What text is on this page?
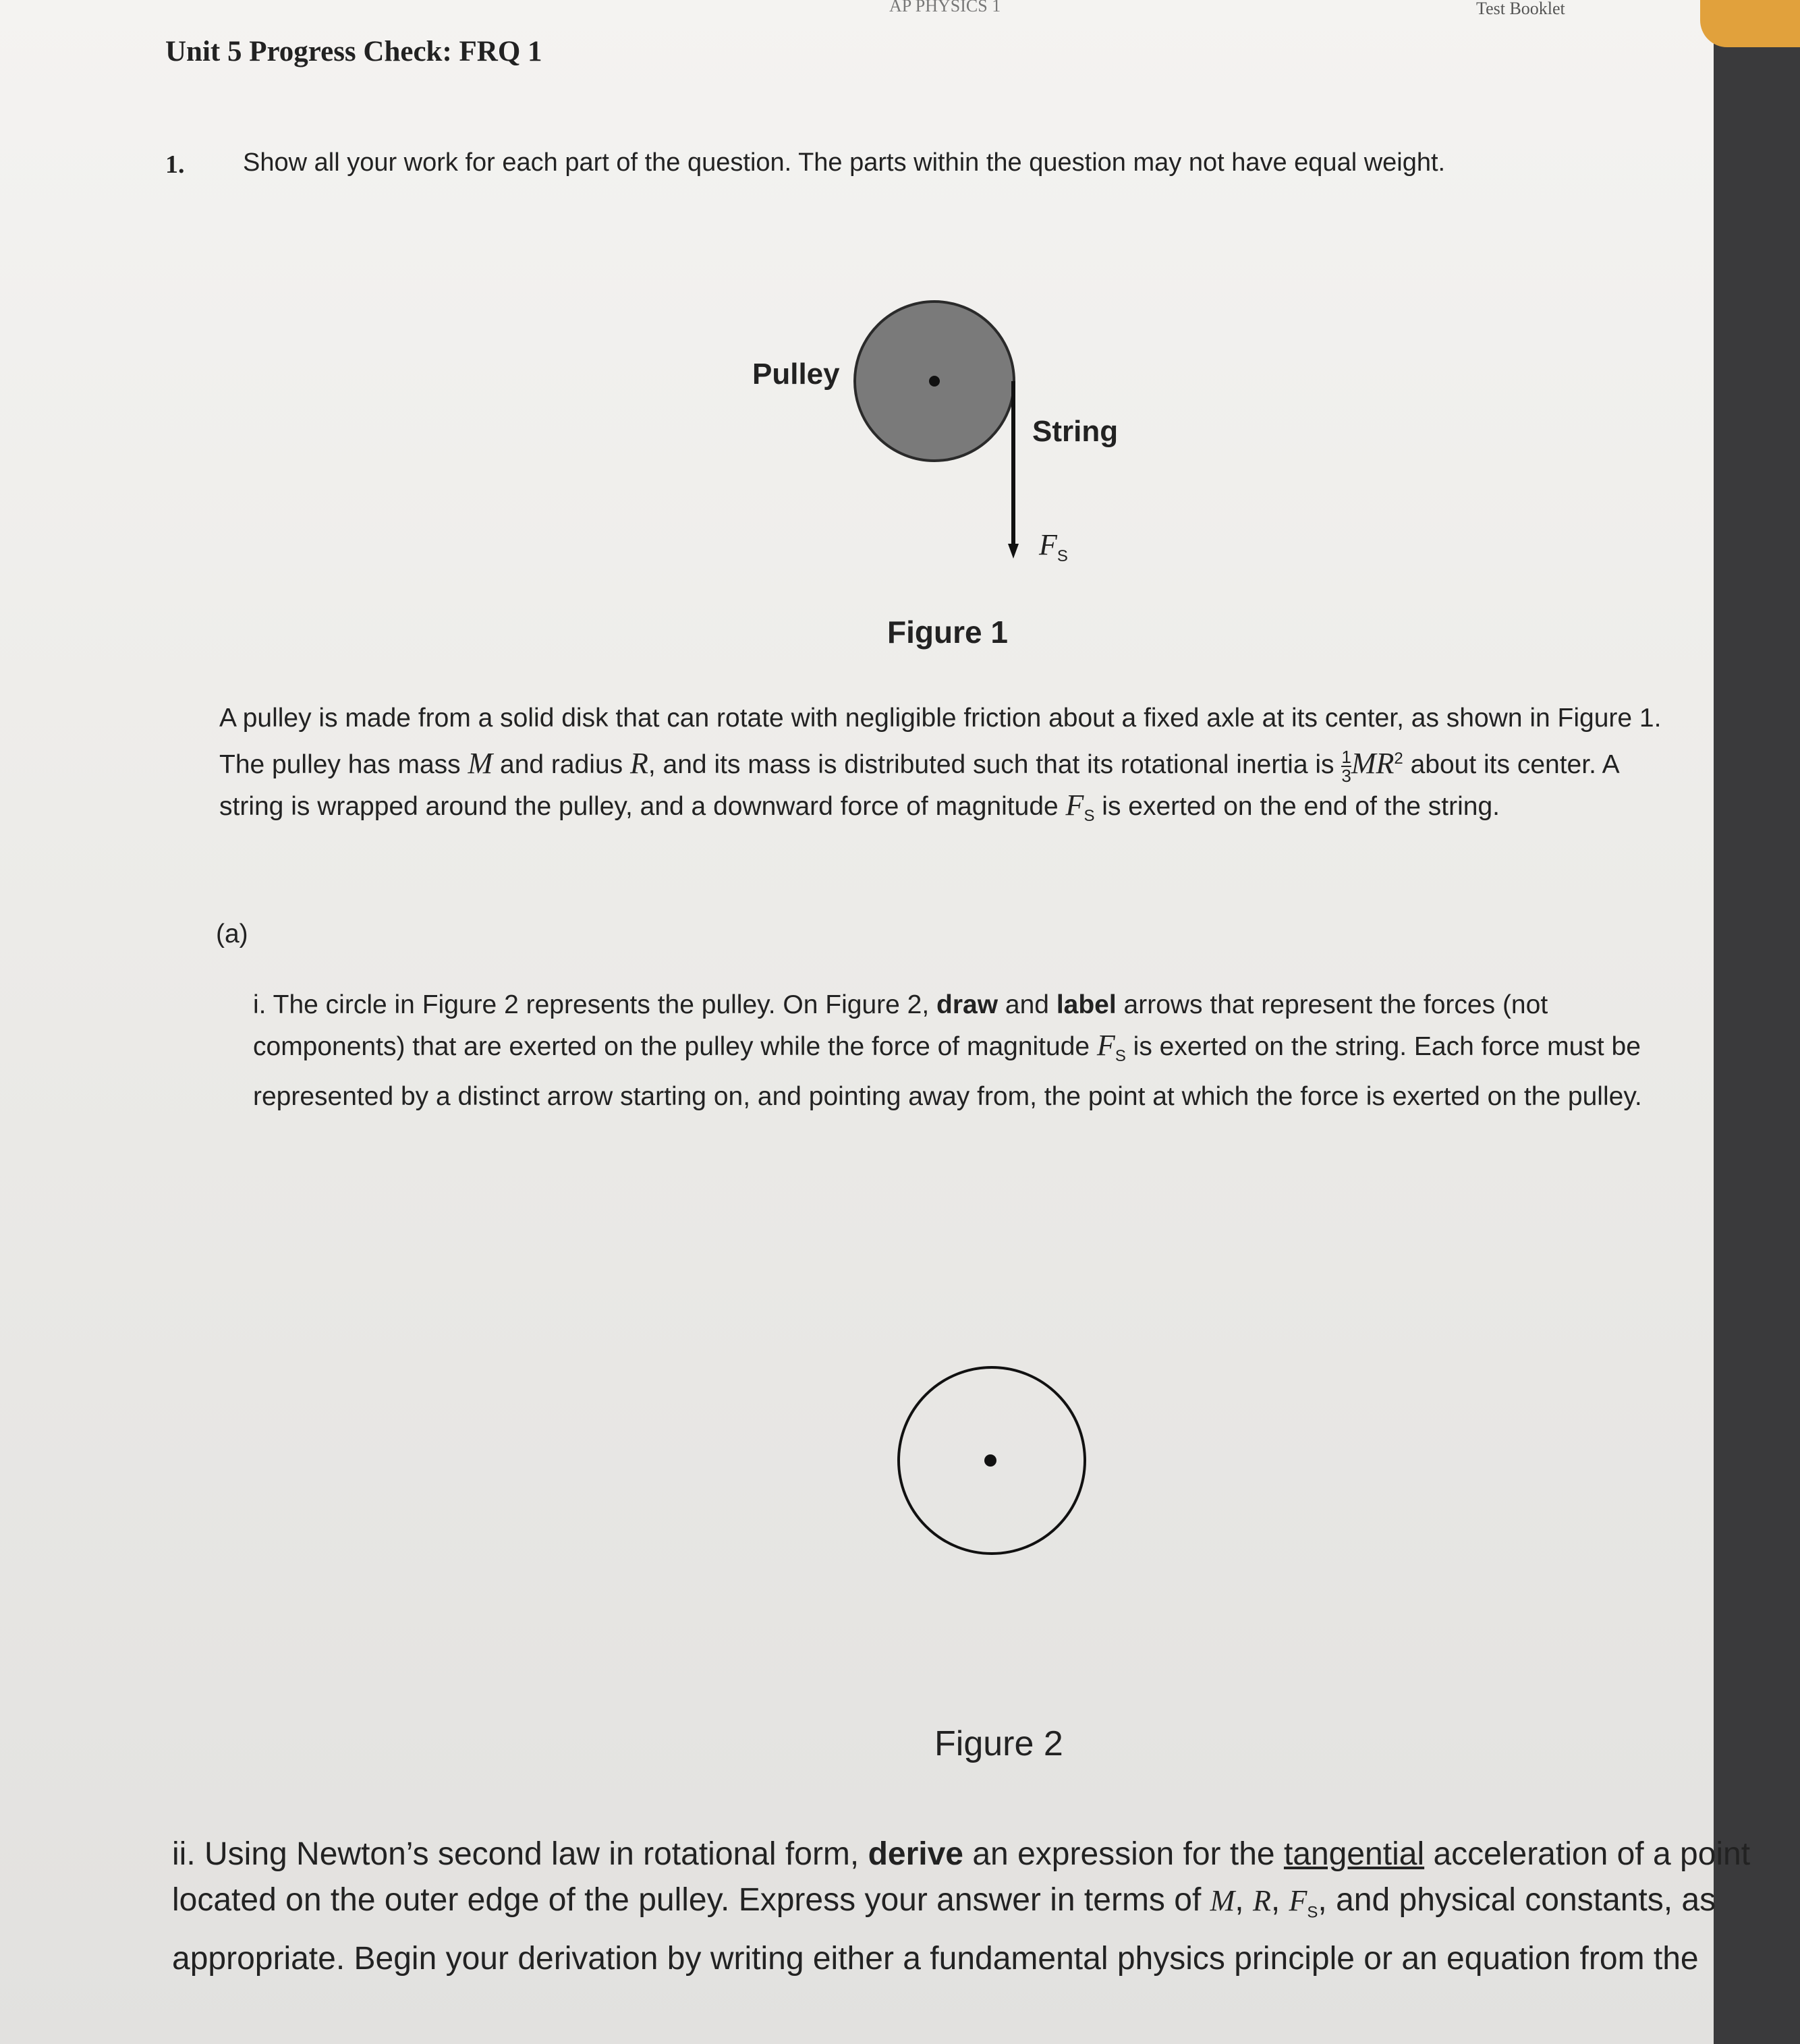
AP PHYSICS 1	Test Booklet
Unit 5 Progress Check: FRQ 1
1. Show all your work for each part of the question. The parts within the question may not have equal weight.
Pulley
String
$F_S$
Figure 1
A pulley is made from a solid disk that can rotate with negligible friction about a fixed axle at its center, as shown in Figure 1. The pulley has mass M and radius R, and its mass is distributed such that its rotational inertia is $\frac{1}{3} MR^2$ about its center. A string is wrapped around the pulley, and a downward force of magnitude $F_S$ is exerted on the end of the string.
(a)
i. The circle in Figure 2 represents the pulley. On Figure 2, draw and label arrows that represent the forces (not components) that are exerted on the pulley while the force of magnitude $F_S$ is exerted on the string. Each force must be represented by a distinct arrow starting on, and pointing away from, the point at which the force is exerted on the pulley.
Figure 2
ii. Using Newton’s second law in rotational form, derive an expression for the tangential acceleration of a point located on the outer edge of the pulley. Express your answer in terms of M, R, $F_S$, and physical constants, as appropriate. Begin your derivation by writing either a fundamental physics principle or an equation from the
